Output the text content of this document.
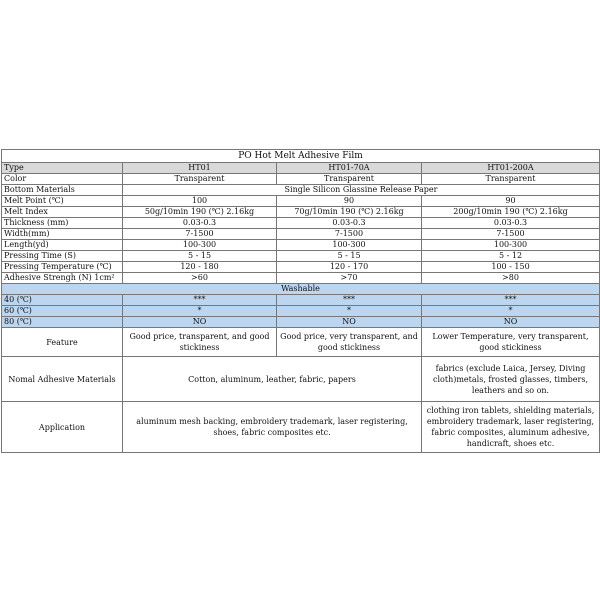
PO Hot Melt Adhesive Film			
Type	HT01	HT01-70A	HT01-200A
Color	Transparent	Transparent	Transparent
Bottom Materials	Single Silicon Glassine Release Paper		
Melt Point (℃)	100	90	90
Melt Index	50g/10min 190 (℃) 2.16kg	70g/10min 190 (℃) 2.16kg	200g/10min 190 (℃) 2.16kg
Thickness (mm)	0.03-0.3	0.03-0.3	0.03-0.3
Width(mm)	7-1500	7-1500	7-1500
Length(yd)	100-300	100-300	100-300
Pressing Time (S)	5 - 15	5 - 15	5 - 12
Pressing Temperature (℃)	120 - 180	120 - 170	100 - 150
Adhesive Strengh (N) 1cm²	>60	>70	>80
Washable			
40 (℃)	***	***	***
60 (℃)	*	*	*
80 (℃)	NO	NO	NO
Feature	Good price, transparent, and good stickiness	Good price, very transparent, and good stickiness	Lower Temperature, very transparent, good stickiness
Nomal Adhesive Materials	Cotton, aluminum, leather, fabric, papers		fabrics (exclude Laica, Jersey, Diving cloth)metals, frosted glasses, timbers, leathers and so on.
Application	aluminum mesh backing, embroidery trademark, laser registering, shoes, fabric composites etc.		clothing iron tablets, shielding materials, embroidery trademark, laser registering, fabric composites, aluminum adhesive, handicraft, shoes etc.
